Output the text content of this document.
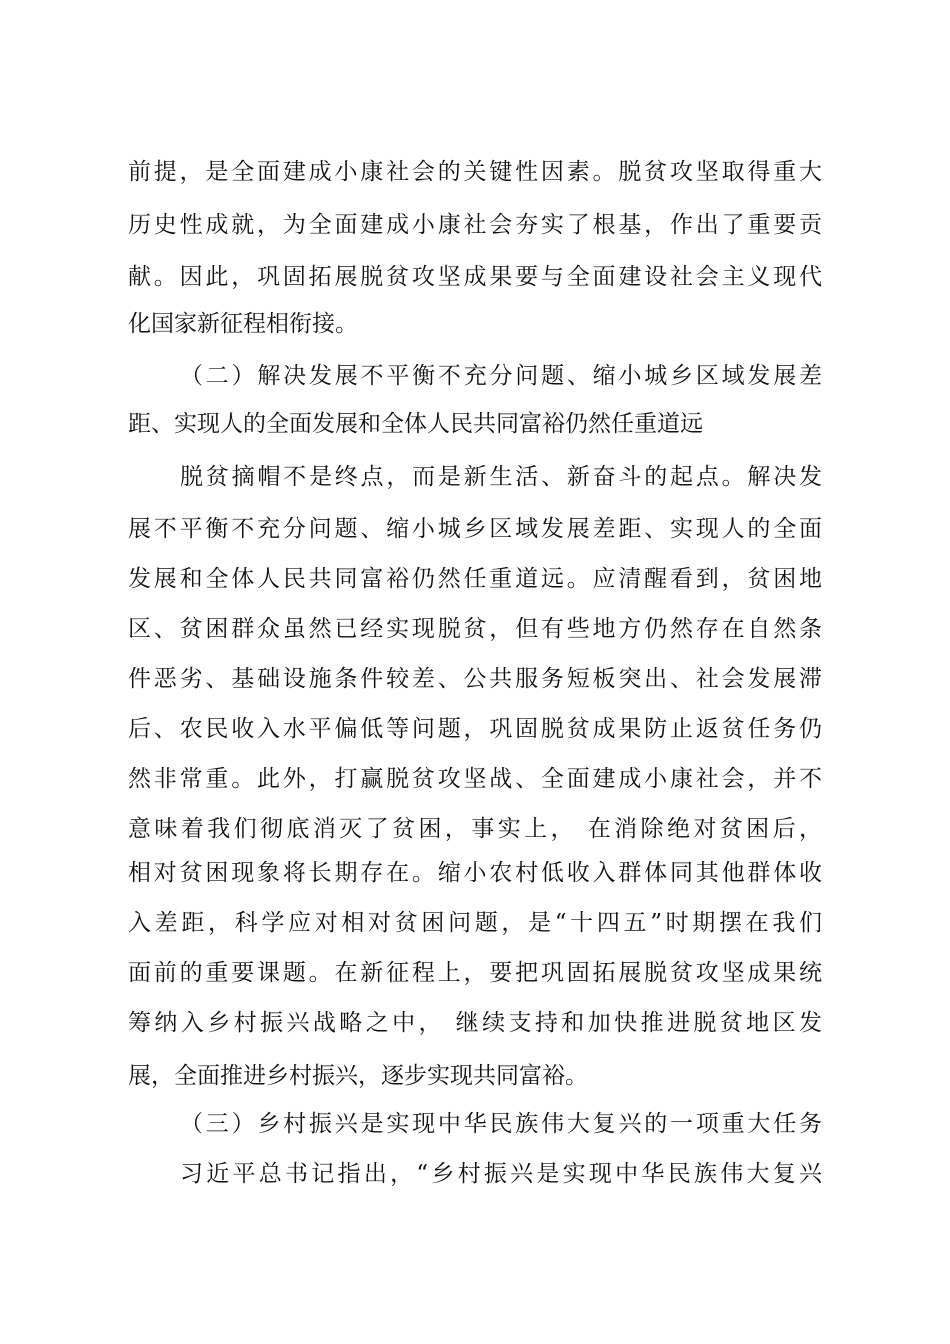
前提，是全面建成小康社会的关键性因素。脱贫攻坚取得重大
历史性成就，为全面建成小康社会夯实了根基，作出了重要贡
献。因此，巩固拓展脱贫攻坚成果要与全面建设社会主义现代
化国家新征程相衔接。
（二）解决发展不平衡不充分问题、缩小城乡区域发展差
距、实现人的全面发展和全体人民共同富裕仍然任重道远
脱贫摘帽不是终点，而是新生活、新奋斗的起点。解决发
展不平衡不充分问题、缩小城乡区域发展差距、实现人的全面
发展和全体人民共同富裕仍然任重道远。应清醒看到，贫困地
区、贫困群众虽然已经实现脱贫，但有些地方仍然存在自然条
件恶劣、基础设施条件较差、公共服务短板突出、社会发展滞
后、农民收入水平偏低等问题，巩固脱贫成果防止返贫任务仍
然非常重。此外，打赢脱贫攻坚战、全面建成小康社会，并不
意味着我们彻底消灭了贫困，事实上， 在消除绝对贫困后，
相对贫困现象将长期存在。缩小农村低收入群体同其他群体收
入差距，科学应对相对贫困问题，是“十四五”时期摆在我们
面前的重要课题。在新征程上，要把巩固拓展脱贫攻坚成果统
筹纳入乡村振兴战略之中， 继续支持和加快推进脱贫地区发
展，全面推进乡村振兴，逐步实现共同富裕。
（三）乡村振兴是实现中华民族伟大复兴的一项重大任务
习近平总书记指出，“乡村振兴是实现中华民族伟大复兴
